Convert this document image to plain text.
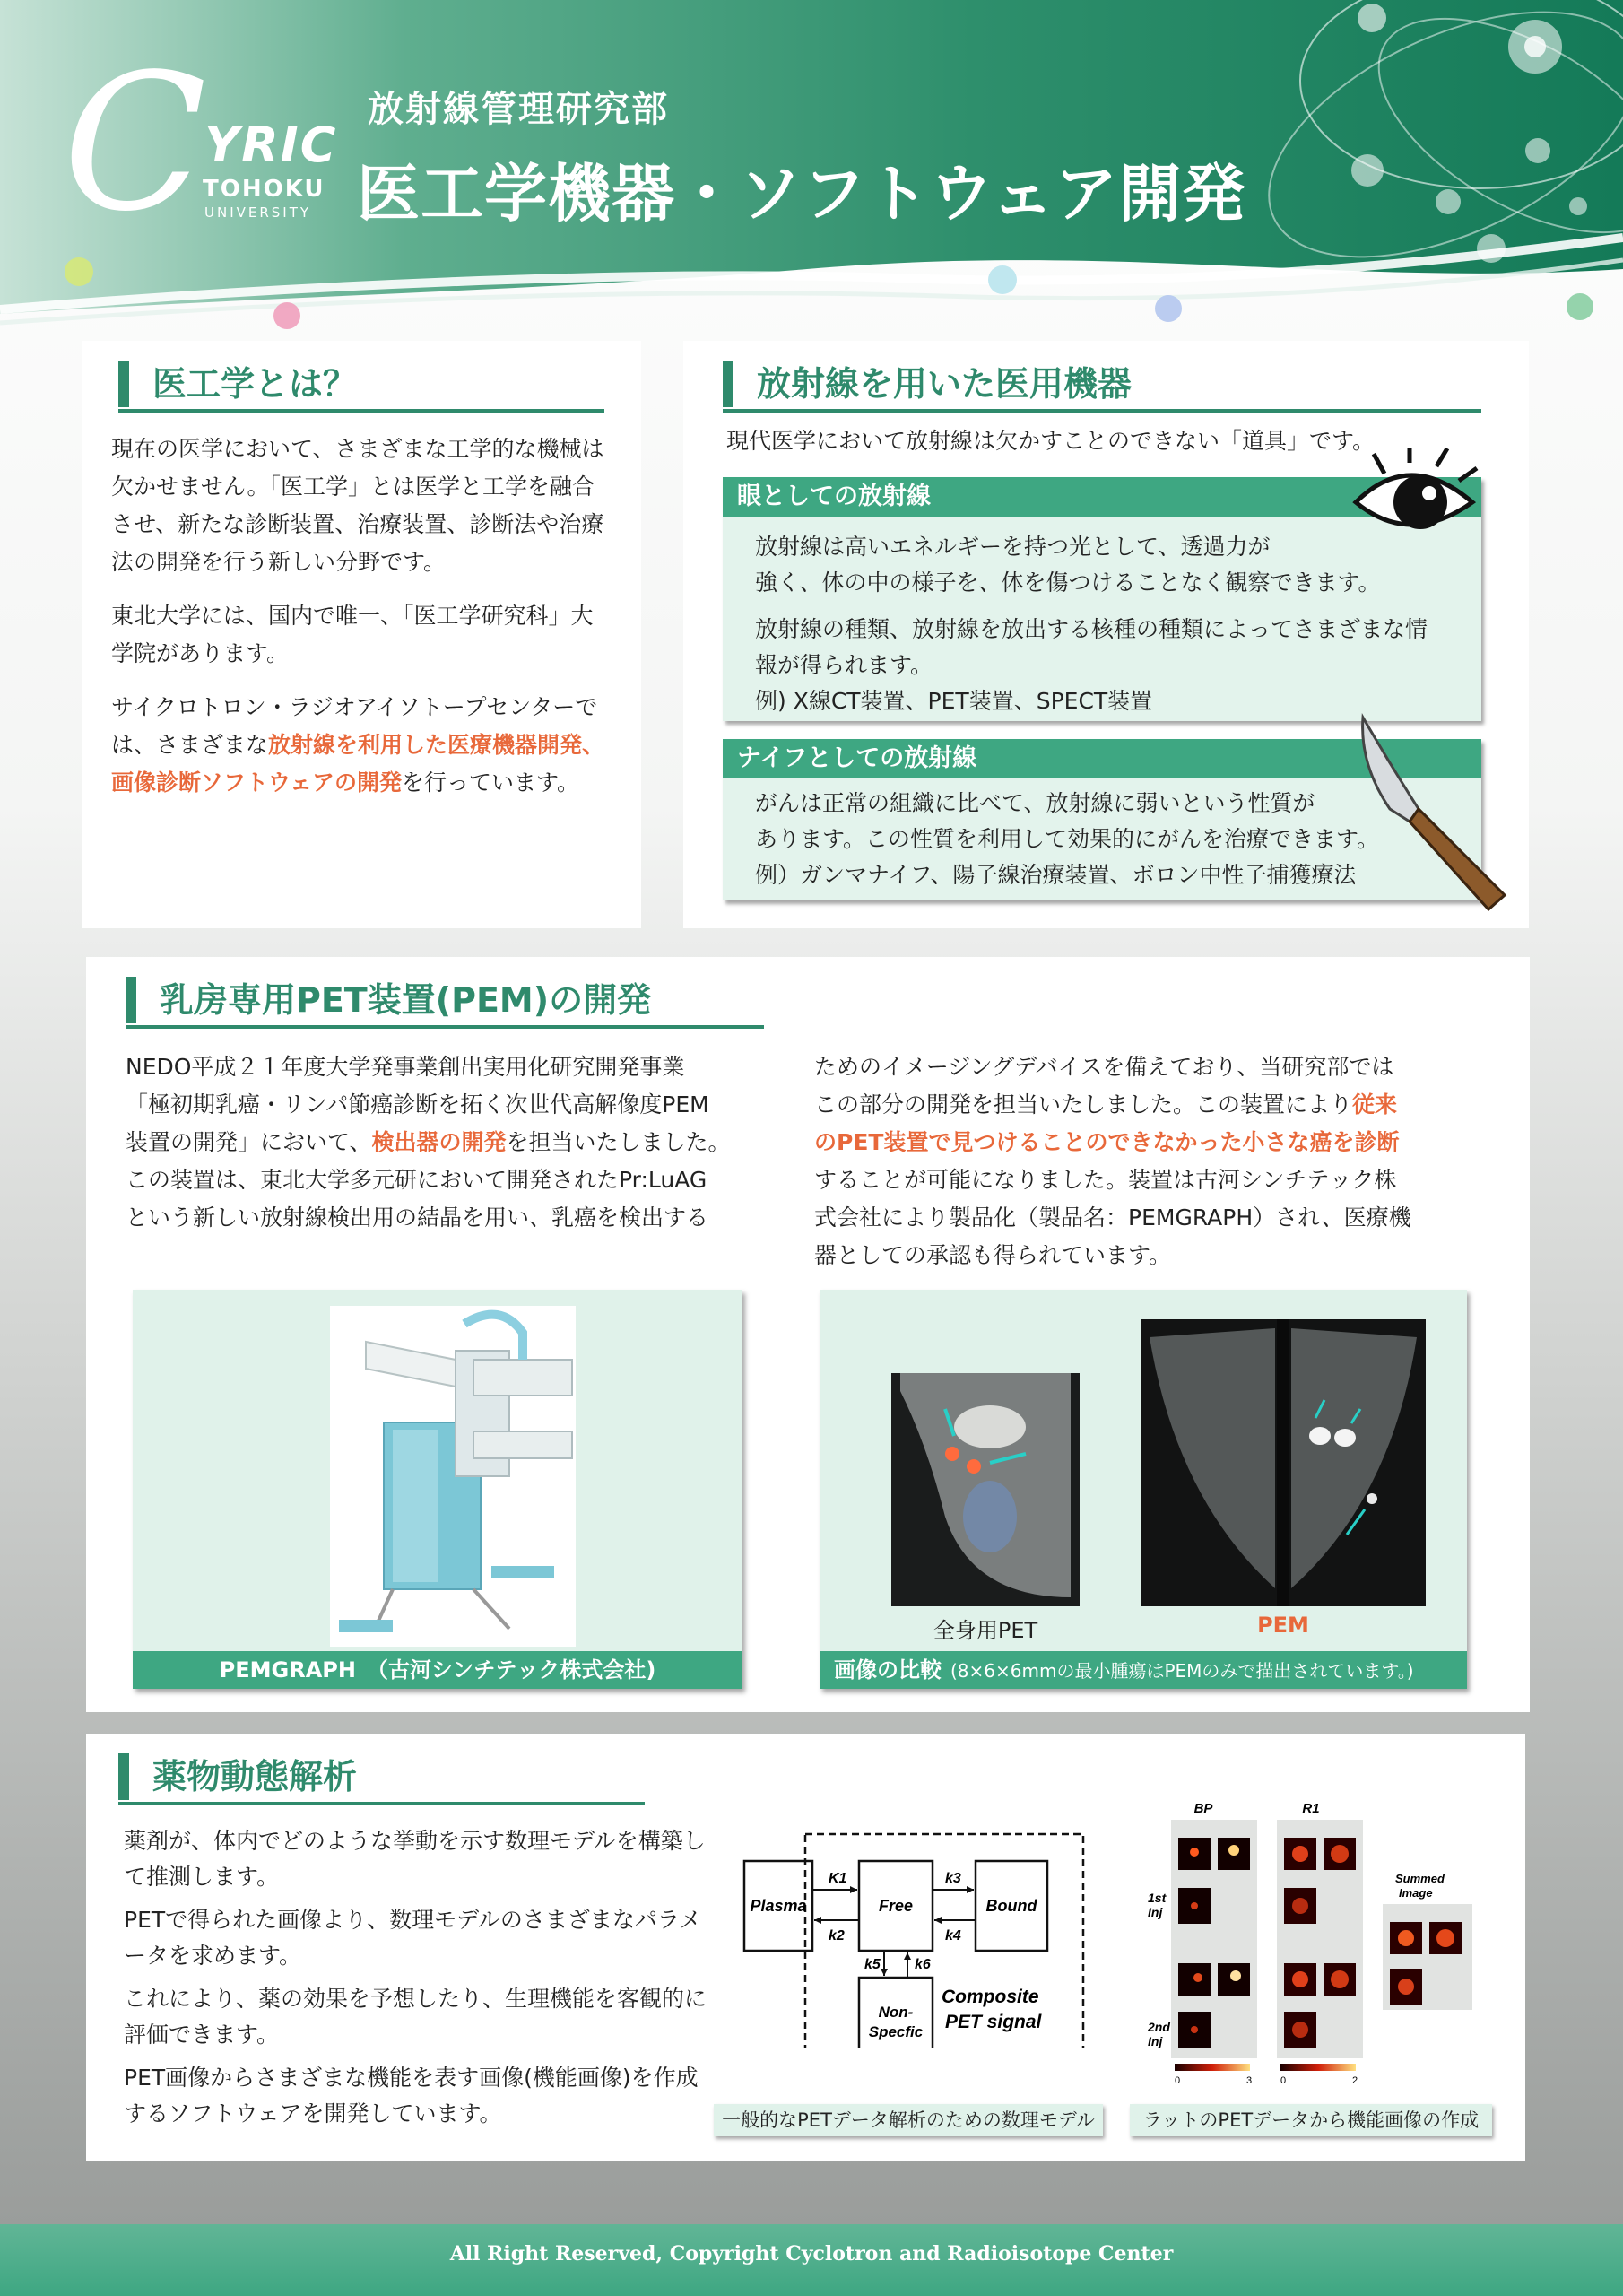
C
YRIC
TOHOKU
UNIVERSITY
放射線管理研究部
医工学機器・ソフトウェア開発
医工学とは？

現在の医学において、さまざまな工学的な機械は欠かせません。「医工学」とは医学と工学を融合させ、新たな診断装置、治療装置、診断法や治療法の開発を行う新しい分野です。

東北大学には、国内で唯一、「医工学研究科」大学院があります。

サイクロトロン・ラジオアイソトープセンターでは、さまざまな放射線を利用した医療機器開発、画像診断ソフトウェアの開発を行っています。

放射線を用いた医用機器
現代医学において放射線は欠かすことのできない「道具」です。
眼としての放射線
放射線は高いエネルギーを持つ光として、透過力が
強く、体の中の様子を、体を傷つけることなく観察できます。
放射線の種類、放射線を放出する核種の種類によってさまざまな情
報が得られます。
例) X線CT装置、PET装置、SPECT装置
ナイフとしての放射線
がんは正常の組織に比べて、放射線に弱いという性質が
あります。この性質を利用して効果的にがんを治療できます。
例）ガンマナイフ、陽子線治療装置、ボロン中性子捕獲療法
乳房専用PET装置(PEM)の開発
NEDO平成２１年度大学発事業創出実用化研究開発事業
「極初期乳癌・リンパ節癌診断を拓く次世代高解像度PEM
装置の開発」において、検出器の開発を担当いたしました。
この装置は、東北大学多元研において開発されたPr:LuAG
という新しい放射線検出用の結晶を用い、乳癌を検出する
ためのイメージングデバイスを備えており、当研究部では
この部分の開発を担当いたしました。この装置により従来
のPET装置で見つけることのできなかった小さな癌を診断
することが可能になりました。装置は古河シンチテック株
式会社により製品化（製品名：PEMGRAPH）され、医療機
器としての承認も得られています。
PEMGRAPH　（古河シンチテック株式会社)
全身用PET	PEM
画像の比較 (8×6×6mmの最小腫瘍はPEMのみで描出されています。)
薬物動態解析

薬剤が、体内でどのような挙動を示す数理モデルを構築して推測します。

PETで得られた画像より、数理モデルのさまざまなパラメータを求めます。

これにより、薬の効果を予想したり、生理機能を客観的に評価できます。

PET画像からさまざまな機能を表す画像(機能画像)を作成するソフトウェアを開発しています。

Plasma	Free	Bound
Non-
Specfic
Composite
PET signal
K1
k2
k3
k4
k5 k6
一般的なPETデータ解析のための数理モデル
BP	R1
1st
Inj
2nd
Inj
Summed
Image
0	3	0	2
ラットのPETデータから機能画像の作成
All Right Reserved, Copyright Cyclotron and Radioisotope Center
